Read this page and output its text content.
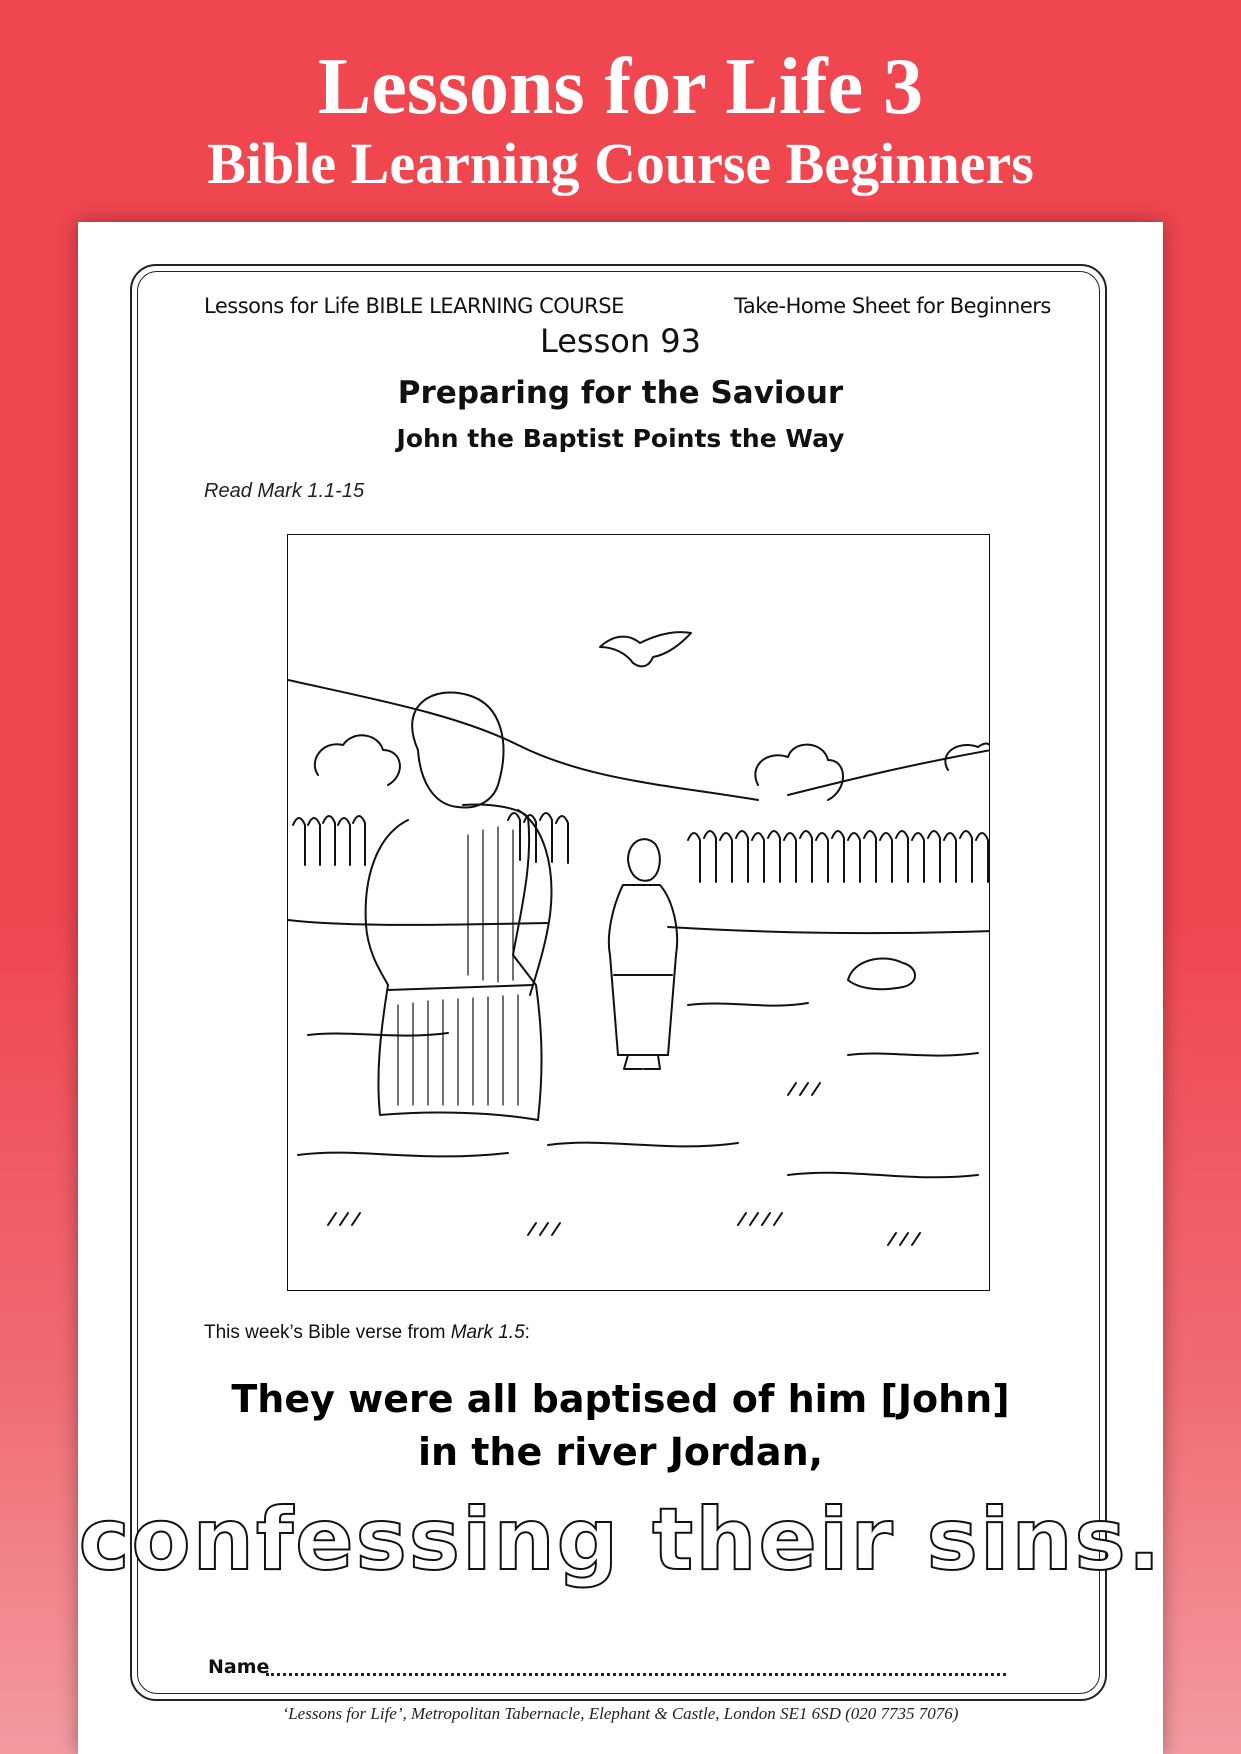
Lessons for Life 3
Bible Learning Course Beginners
Lessons for Life BIBLE LEARNING COURSE	Take-Home Sheet for Beginners
Lesson 93
Preparing for the Saviour
John the Baptist Points the Way
Read Mark 1.1-15
This week’s Bible verse from Mark 1.5:
They were all baptised of him [John]
in the river Jordan,
confessing their sins.
Name
‘Lessons for Life’, Metropolitan Tabernacle, Elephant & Castle, London SE1 6SD (020 7735 7076)
